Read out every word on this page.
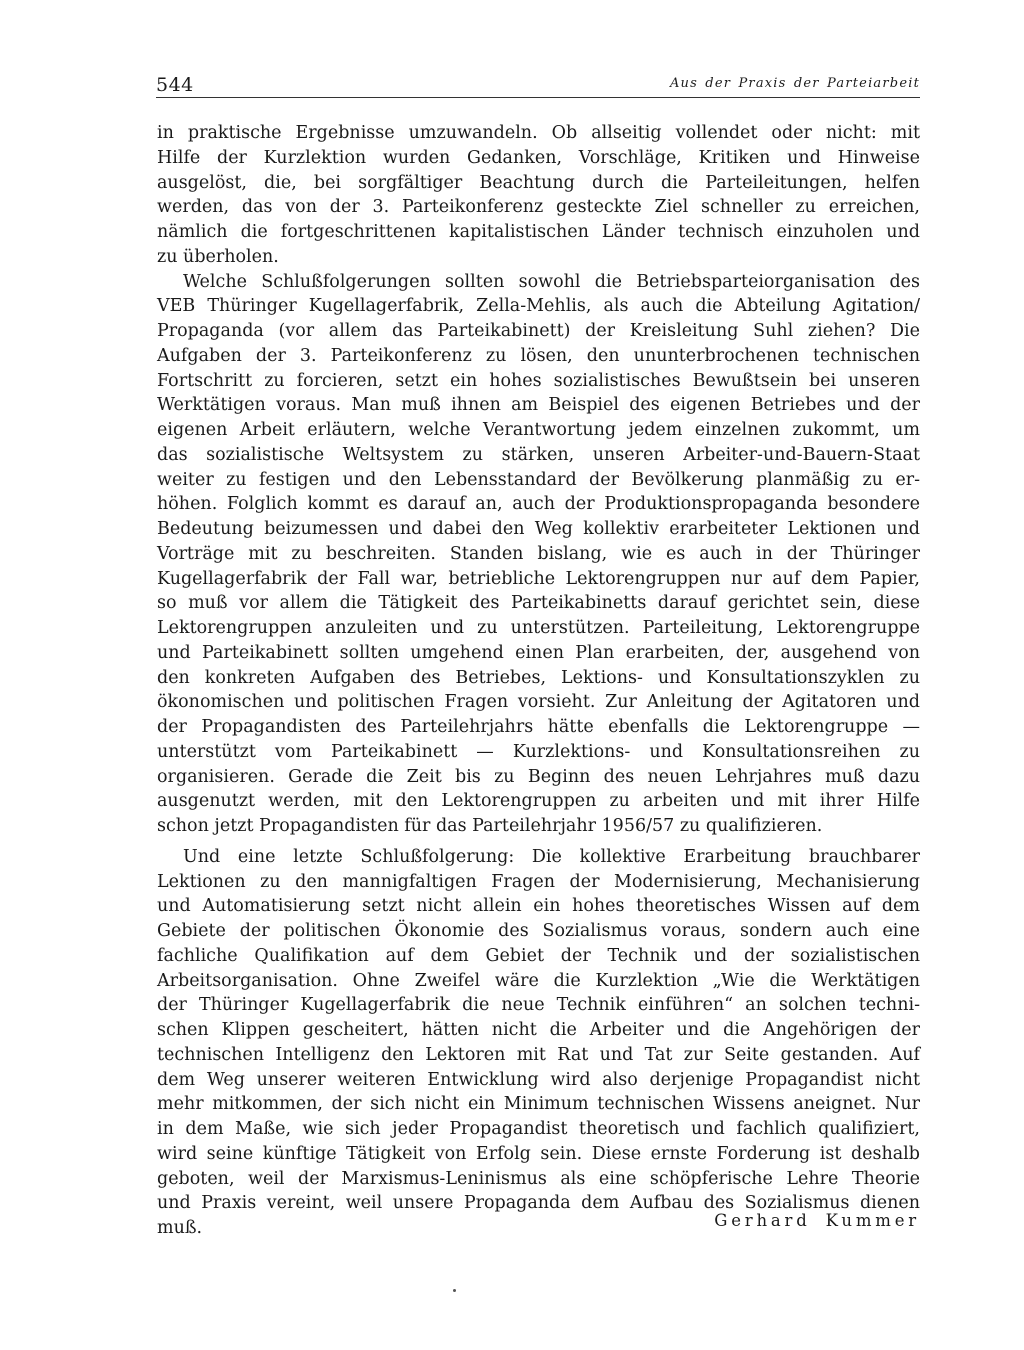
544	Aus der Praxis der Parteiarbeit
in praktische Ergebnisse umzuwandeln. Ob allseitig vollendet oder nicht: mit
Hilfe der Kurzlektion wurden Gedanken, Vorschläge, Kritiken und Hinweise
ausgelöst, die, bei sorgfältiger Beachtung durch die Parteileitungen, helfen
werden, das von der 3. Parteikonferenz gesteckte Ziel schneller zu erreichen,
nämlich die fortgeschrittenen kapitalistischen Länder technisch einzuholen und
zu überholen.
Welche Schlußfolgerungen sollten sowohl die Betriebsparteiorganisation des
VEB Thüringer Kugellagerfabrik, Zella-Mehlis, als auch die Abteilung Agitation/
Propaganda (vor allem das Parteikabinett) der Kreisleitung Suhl ziehen? Die
Aufgaben der 3. Parteikonferenz zu lösen, den ununterbrochenen technischen
Fortschritt zu forcieren, setzt ein hohes sozialistisches Bewußtsein bei unseren
Werktätigen voraus. Man muß ihnen am Beispiel des eigenen Betriebes und der
eigenen Arbeit erläutern, welche Verantwortung jedem einzelnen zukommt, um
das sozialistische Weltsystem zu stärken, unseren Arbeiter-und-Bauern-Staat
weiter zu festigen und den Lebensstandard der Bevölkerung planmäßig zu er-
höhen. Folglich kommt es darauf an, auch der Produktionspropaganda besondere
Bedeutung beizumessen und dabei den Weg kollektiv erarbeiteter Lektionen und
Vorträge mit zu beschreiten. Standen bislang, wie es auch in der Thüringer
Kugellagerfabrik der Fall war, betriebliche Lektorengruppen nur auf dem Papier,
so muß vor allem die Tätigkeit des Parteikabinetts darauf gerichtet sein, diese
Lektorengruppen anzuleiten und zu unterstützen. Parteileitung, Lektorengruppe
und Parteikabinett sollten umgehend einen Plan erarbeiten, der, ausgehend von
den konkreten Aufgaben des Betriebes, Lektions- und Konsultationszyklen zu
ökonomischen und politischen Fragen vorsieht. Zur Anleitung der Agitatoren und
der Propagandisten des Parteilehrjahrs hätte ebenfalls die Lektorengruppe —
unterstützt vom Parteikabinett — Kurzlektions- und Konsultationsreihen zu
organisieren. Gerade die Zeit bis zu Beginn des neuen Lehrjahres muß dazu
ausgenutzt werden, mit den Lektorengruppen zu arbeiten und mit ihrer Hilfe
schon jetzt Propagandisten für das Parteilehrjahr 1956/57 zu qualifizieren.
Und eine letzte Schlußfolgerung: Die kollektive Erarbeitung brauchbarer
Lektionen zu den mannigfaltigen Fragen der Modernisierung, Mechanisierung
und Automatisierung setzt nicht allein ein hohes theoretisches Wissen auf dem
Gebiete der politischen Ökonomie des Sozialismus voraus, sondern auch eine
fachliche Qualifikation auf dem Gebiet der Technik und der sozialistischen
Arbeitsorganisation. Ohne Zweifel wäre die Kurzlektion „Wie die Werktätigen
der Thüringer Kugellagerfabrik die neue Technik einführen“ an solchen techni-
schen Klippen gescheitert, hätten nicht die Arbeiter und die Angehörigen der
technischen Intelligenz den Lektoren mit Rat und Tat zur Seite gestanden. Auf
dem Weg unserer weiteren Entwicklung wird also derjenige Propagandist nicht
mehr mitkommen, der sich nicht ein Minimum technischen Wissens aneignet. Nur
in dem Maße, wie sich jeder Propagandist theoretisch und fachlich qualifiziert,
wird seine künftige Tätigkeit von Erfolg sein. Diese ernste Forderung ist deshalb
geboten, weil der Marxismus-Leninismus als eine schöpferische Lehre Theorie
und Praxis vereint, weil unsere Propaganda dem Aufbau des Sozialismus dienen
muß.	Gerhard Kummer
